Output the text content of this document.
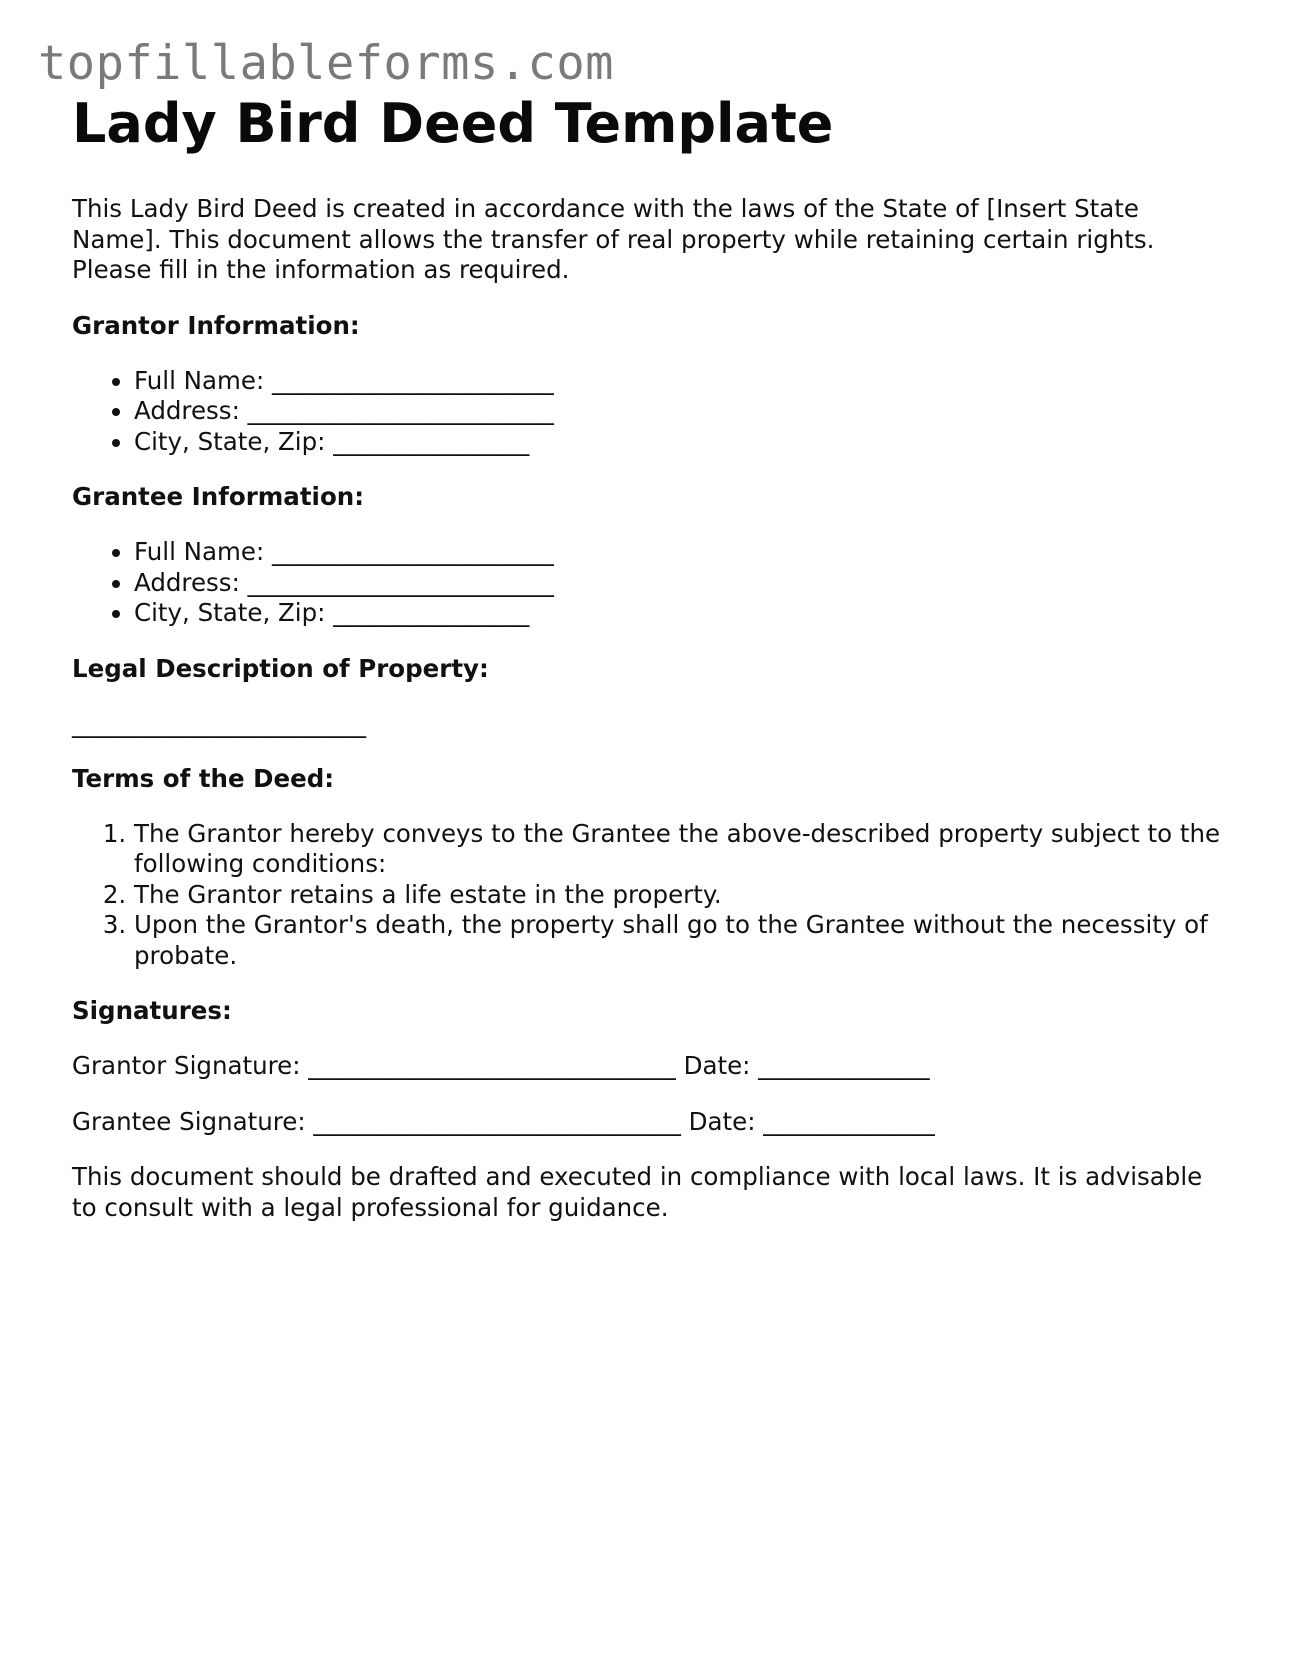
topfillableforms.com
Lady Bird Deed Template

This Lady Bird Deed is created in accordance with the laws of the State of [Insert State Name]. This document allows the transfer of real property while retaining certain rights. Please fill in the information as required.

Grantor Information:
• Full Name: _______________________
• Address: _________________________
• City, State, Zip: ________________
Grantee Information:
• Full Name: _______________________
• Address: _________________________
• City, State, Zip: ________________
Legal Description of Property:
________________________
Terms of the Deed:
1. The Grantor hereby conveys to the Grantee the above-described property subject to the following conditions:
2. The Grantor retains a life estate in the property.
3. Upon the Grantor's death, the property shall go to the Grantee without the necessity of probate.
Signatures:

Grantor Signature: ______________________________ Date: ______________

Grantee Signature: ______________________________ Date: ______________

This document should be drafted and executed in compliance with local laws. It is advisable to consult with a legal professional for guidance.
